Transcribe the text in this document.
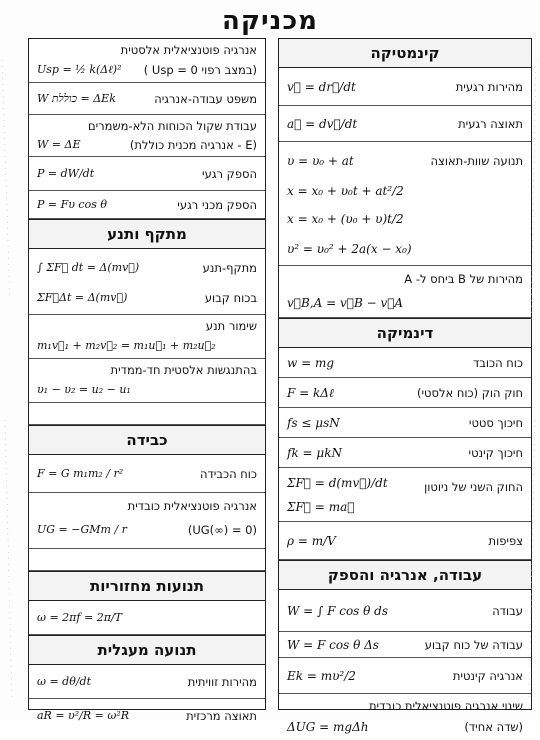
מכניקה
קינמטיקה
מהירות רגעית
v⃗ = dr⃗/dt
תאוצה רגעית
a⃗ = dv⃗/dt
תנועה שוות-תאוצה
υ = υ₀ + at
x = x₀ + υ₀t + at²/2
x = x₀ + (υ₀ + υ)t/2
υ² = υ₀² + 2a(x − x₀)
מהירות של B ביחס ל- A
v⃗B,A = v⃗B − v⃗A
דינמיקה
כוח הכובד
w = mg
חוק הוק (כוח אלסטי)
F = kΔℓ
חיכוך סטטי
fs ≤ μsN
חיכוך קינטי
fk = μkN
החוק השני של ניוטון
ΣF⃗ = d(mv⃗)/dt
ΣF⃗ = ma⃗
צפיפות
ρ = m/V
עבודה, אנרגיה והספק
עבודה
W = ∫ F cos θ ds
עבודה של כוח קבוע
W = F cos θ Δs
אנרגיה קינטית
Ek = mυ²/2
שינוי אנרגיה פוטנציאלית כובדית
(שדה אחיד)
ΔUG = mgΔh
אנרגיה פוטנציאלית אלסטית
(במצב רפוי Usp = 0 )
Usp = ½ k(Δℓ)²
משפט עבודה-אנרגיה
W כוללת = ΔEk
עבודת שקול הכוחות הלא-משמרים
(E - אנרגיה מכנית כוללת)
W = ΔE
הספק רגעי
P = dW/dt
הספק מכני רגעי
P = Fυ cos θ
מתקף ותנע
מתקף-תנע
∫ ΣF⃗ dt = Δ(mv⃗)
בכוח קבוע
ΣF⃗Δt = Δ(mv⃗)
שימור תנע
m₁v⃗₁ + m₂v⃗₂ = m₁u⃗₁ + m₂u⃗₂
בהתנגשות אלסטית חד-ממדית
υ₁ − υ₂ = u₂ − u₁
כבידה
כוח הכבידה
F = G m₁m₂ / r²
אנרגיה פוטנציאלית כובדית
(UG(∞) = 0)
UG = −GMm / r
תנועות מחזוריות
ω = 2πf = 2π/T
תנועה מעגלית
מהירות זוויתית
ω = dθ/dt
תאוצה מרכזית
aR = υ²/R = ω²R
